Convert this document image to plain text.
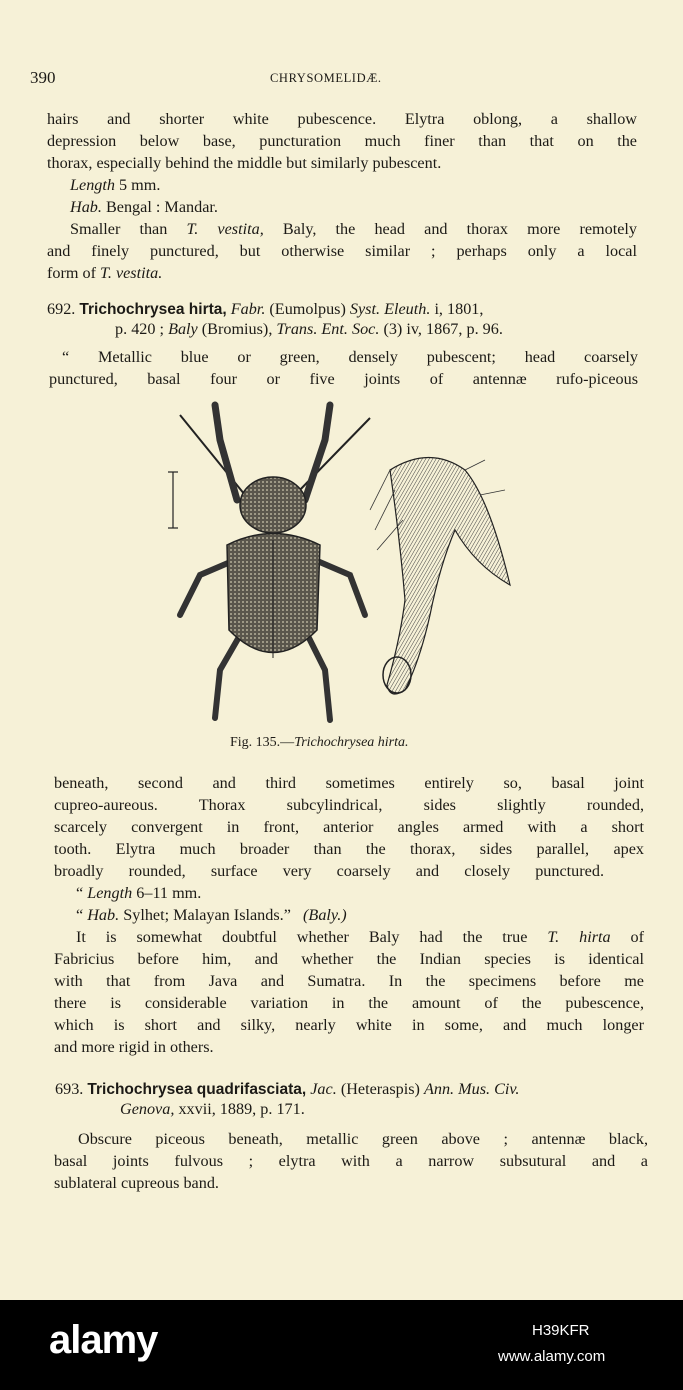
390	CHRYSOMELIDÆ.
hairs and shorter white pubescence. Elytra oblong, a shallow
depression below base, puncturation much finer than that on the
thorax, especially behind the middle but similarly pubescent.
Length 5 mm.
Hab. Bengal : Mandar.
Smaller than T. vestita, Baly, the head and thorax more remotely
and finely punctured, but otherwise similar ; perhaps only a local
form of T. vestita.
692. Trichochrysea hirta, Fabr. (Eumolpus) Syst. Eleuth. i, 1801,
p. 420 ; Baly (Bromius), Trans. Ent. Soc. (3) iv, 1867, p. 96.
“ Metallic blue or green, densely pubescent; head coarsely
punctured, basal four or five joints of antennæ rufo-piceous
Fig. 135.—Trichochrysea hirta.
beneath, second and third sometimes entirely so, basal joint
cupreo-aureous. Thorax subcylindrical, sides slightly rounded,
scarcely convergent in front, anterior angles armed with a short
tooth. Elytra much broader than the thorax, sides parallel, apex
broadly rounded, surface very coarsely and closely punctured.
“ Length 6–11 mm.
“ Hab. Sylhet; Malayan Islands.” (Baly.)
It is somewhat doubtful whether Baly had the true T. hirta of
Fabricius before him, and whether the Indian species is identical
with that from Java and Sumatra. In the specimens before me
there is considerable variation in the amount of the pubescence,
which is short and silky, nearly white in some, and much longer
and more rigid in others.
693. Trichochrysea quadrifasciata, Jac. (Heteraspis) Ann. Mus. Civ.
Genova, xxvii, 1889, p. 171.
Obscure piceous beneath, metallic green above ; antennæ black,
basal joints fulvous ; elytra with a narrow subsutural and a
sublateral cupreous band.
alamy	H39KFR
www.alamy.com
